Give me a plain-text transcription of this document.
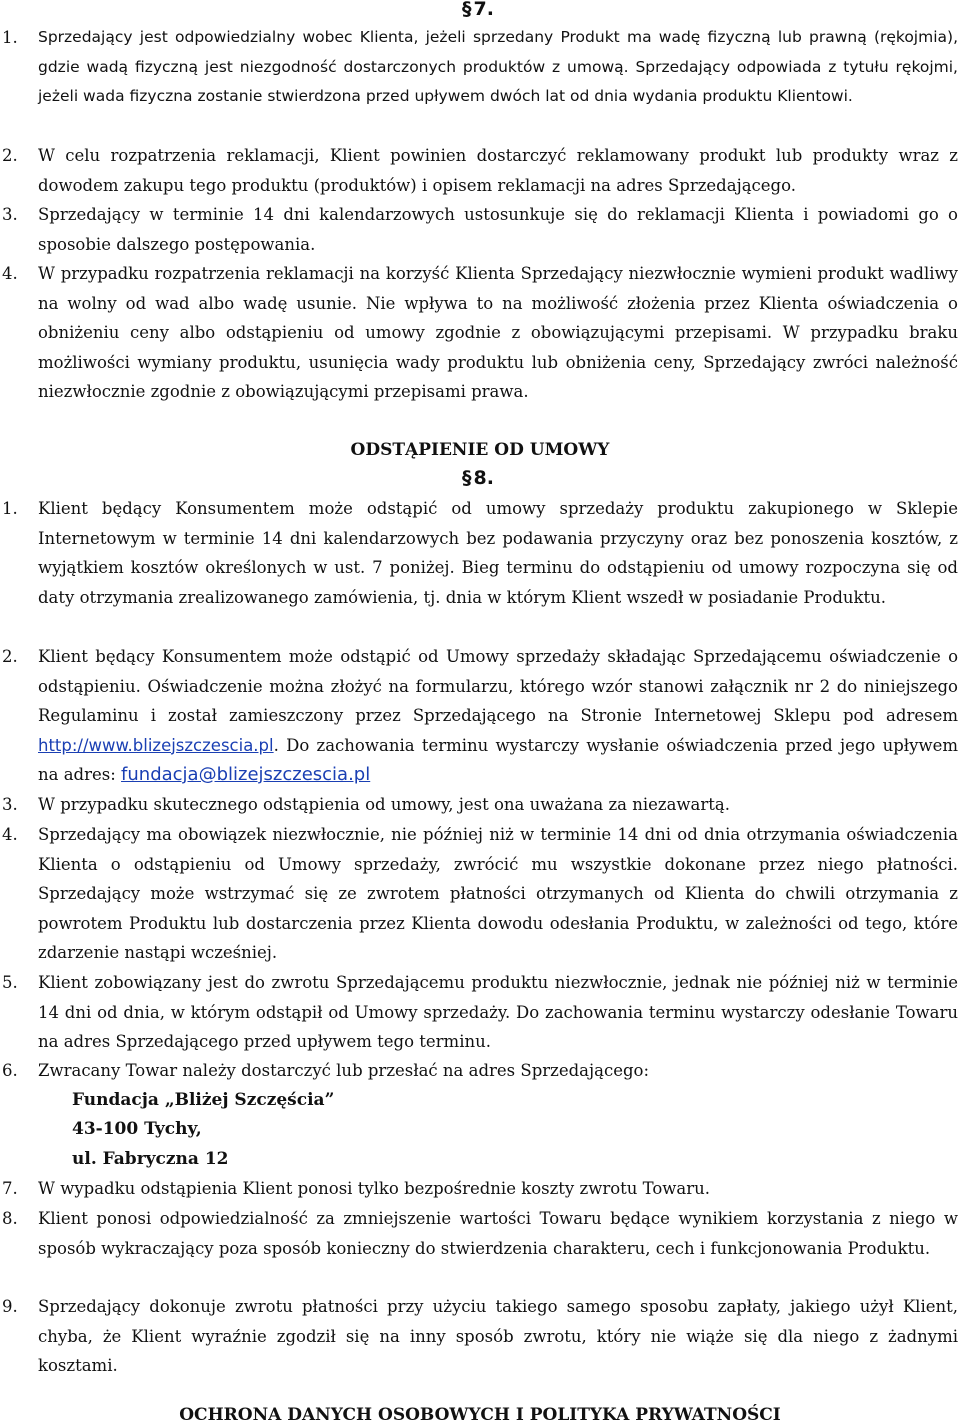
§ 7.
1.	Sprzedający jest odpowiedzialny wobec Klienta, jeżeli sprzedany Produkt ma wadę fizyczną lub prawną (rękojmia), gdzie wadą fizyczną jest niezgodność dostarczonych produktów z umową. Sprzedający odpowiada z tytułu rękojmi, jeżeli wada fizyczna zostanie stwierdzona przed upływem dwóch lat od dnia wydania produktu Klientowi.
2.	W celu rozpatrzenia reklamacji, Klient powinien dostarczyć reklamowany produkt lub produkty wraz z dowodem zakupu tego produktu (produktów) i opisem reklamacji na adres Sprzedającego.
3.	Sprzedający w terminie 14 dni kalendarzowych ustosunkuje się do reklamacji Klienta i powiadomi go o sposobie dalszego postępowania.
4.	W przypadku rozpatrzenia reklamacji na korzyść Klienta Sprzedający niezwłocznie wymieni produkt wadliwy na wolny od wad albo wadę usunie. Nie wpływa to na możliwość złożenia przez Klienta oświadczenia o obniżeniu ceny albo odstąpieniu od umowy zgodnie z obowiązującymi przepisami. W przypadku braku możliwości wymiany produktu, usunięcia wady produktu lub obniżenia ceny, Sprzedający zwróci należność niezwłocznie zgodnie z obowiązującymi przepisami prawa.
ODSTĄPIENIE OD UMOWY
§ 8.
1.	Klient będący Konsumentem może odstąpić od umowy sprzedaży produktu zakupionego w Sklepie Internetowym w terminie 14 dni kalendarzowych bez podawania przyczyny oraz bez ponoszenia kosztów, z wyjątkiem kosztów określonych w ust. 7 poniżej. Bieg terminu do odstąpieniu od umowy rozpoczyna się od daty otrzymania zrealizowanego zamówienia, tj. dnia w którym Klient wszedł w posiadanie Produktu.
2.	Klient będący Konsumentem może odstąpić od Umowy sprzedaży składając Sprzedającemu oświadczenie o odstąpieniu. Oświadczenie można złożyć na formularzu, którego wzór stanowi załącznik nr 2 do niniejszego Regulaminu i został zamieszczony przez Sprzedającego na Stronie Internetowej Sklepu pod adresem http://www.blizejszczescia.pl. Do zachowania terminu wystarczy wysłanie oświadczenia przed jego upływem na adres: fundacja@blizejszczescia.pl
3.	W przypadku skutecznego odstąpienia od umowy, jest ona uważana za niezawartą.
4.	Sprzedający ma obowiązek niezwłocznie, nie później niż w terminie 14 dni od dnia otrzymania oświadczenia Klienta o odstąpieniu od Umowy sprzedaży, zwrócić mu wszystkie dokonane przez niego płatności. Sprzedający może wstrzymać się ze zwrotem płatności otrzymanych od Klienta do chwili otrzymania z powrotem Produktu lub dostarczenia przez Klienta dowodu odesłania Produktu, w zależności od tego, które zdarzenie nastąpi wcześniej.
5.	Klient zobowiązany jest do zwrotu Sprzedającemu produktu niezwłocznie, jednak nie później niż w terminie 14 dni od dnia, w którym odstąpił od Umowy sprzedaży. Do zachowania terminu wystarczy odesłanie Towaru na adres Sprzedającego przed upływem tego terminu.
6.	Zwracany Towar należy dostarczyć lub przesłać na adres Sprzedającego:
Fundacja „Bliżej Szczęścia”
43-100 Tychy,
ul. Fabryczna 12
7.	W wypadku odstąpienia Klient ponosi tylko bezpośrednie koszty zwrotu Towaru.
8.	Klient ponosi odpowiedzialność za zmniejszenie wartości Towaru będące wynikiem korzystania z niego w sposób wykraczający poza sposób konieczny do stwierdzenia charakteru, cech i funkcjonowania Produktu.
9.	Sprzedający dokonuje zwrotu płatności przy użyciu takiego samego sposobu zapłaty, jakiego użył Klient, chyba, że Klient wyraźnie zgodził się na inny sposób zwrotu, który nie wiąże się dla niego z żadnymi kosztami.
OCHRONA DANYCH OSOBOWYCH I POLITYKA PRYWATNOŚCI
